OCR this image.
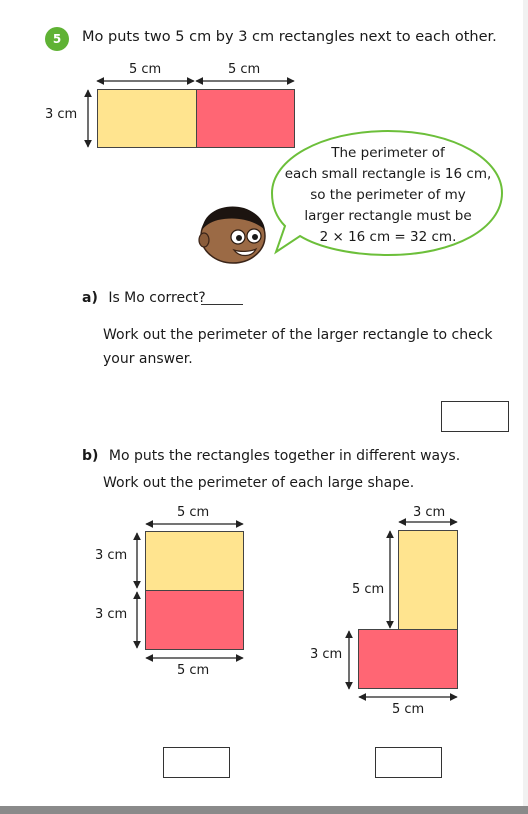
5	Mo puts two 5 cm by 3 cm rectangles next to each other.
5 cm	5 cm
3 cm
The perimeter of
each small rectangle is 16 cm,
so the perimeter of my
larger rectangle must be
2 × 16 cm = 32 cm.
a) Is Mo correct?
Work out the perimeter of the larger rectangle to check
your answer.
b) Mo puts the rectangles together in different ways.
Work out the perimeter of each large shape.
5 cm
3 cm
3 cm
5 cm
3 cm
5 cm
3 cm
5 cm
